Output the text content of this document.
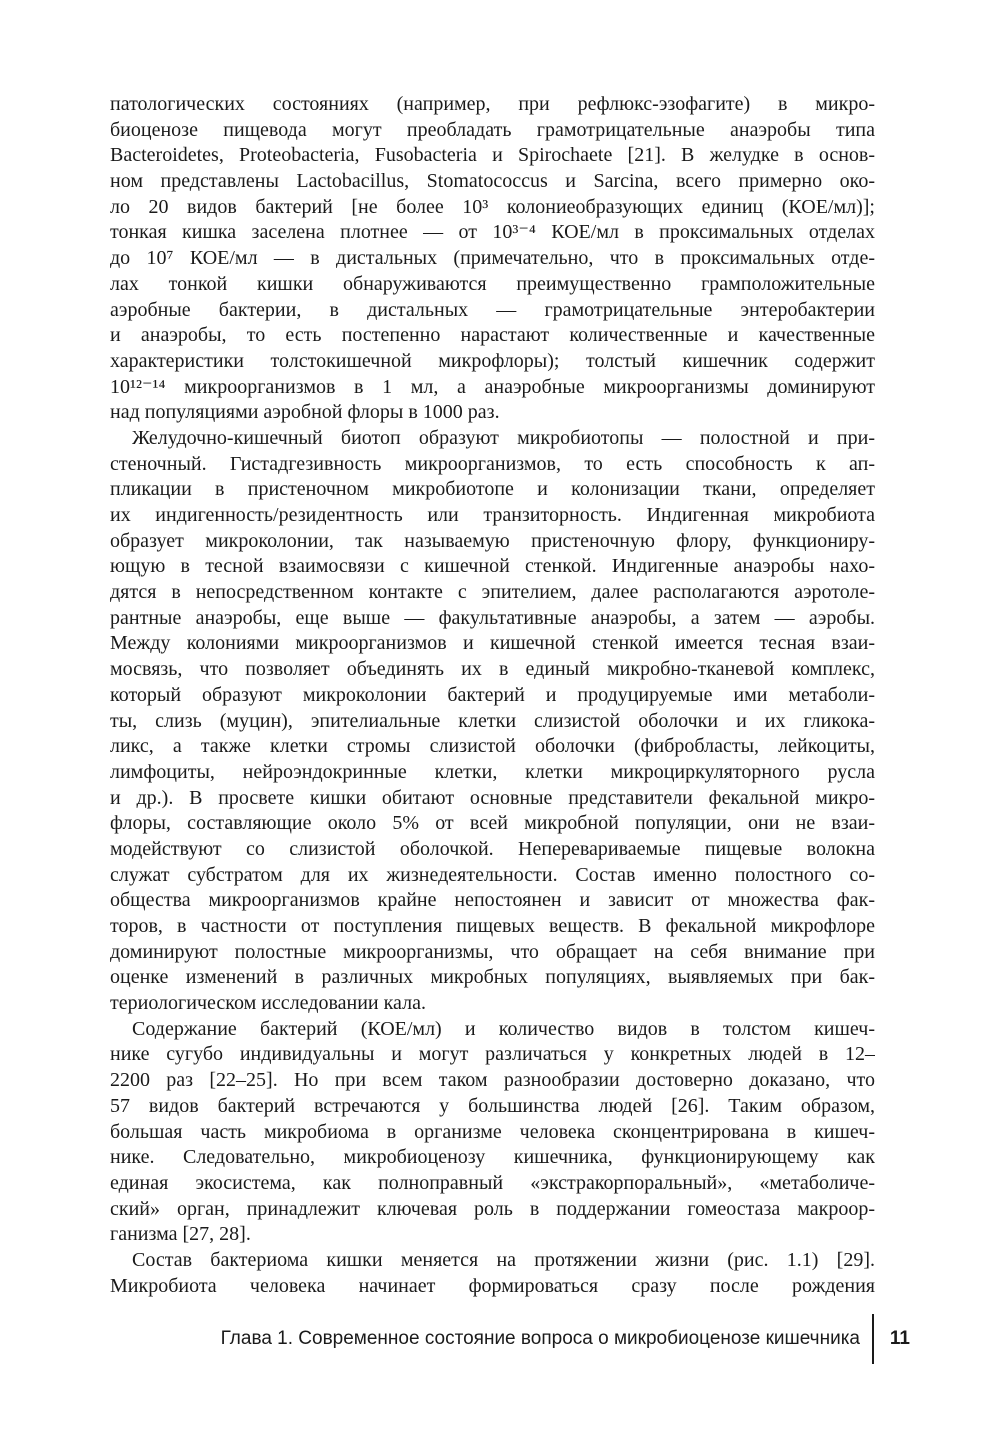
патологических состояниях (например, при рефлюкс-эзофагите) в микро-
биоценозе пищевода могут преобладать грамотрицательные анаэробы типа
Bacteroidetes, Proteobacteria, Fusobacteria и Spirochaete [21]. В желудке в основ-
ном представлены Lactobacillus, Stomatococcus и Sarcina, всего примерно око-
ло 20 видов бактерий [не более 10³ колониеобразующих единиц (КОЕ/мл)];
тонкая кишка заселена плотнее — от 10³⁻⁴ КОЕ/мл в проксимальных отделах
до 10⁷ КОЕ/мл — в дистальных (примечательно, что в проксимальных отде-
лах тонкой кишки обнаруживаются преимущественно грамположительные
аэробные бактерии, в дистальных — грамотрицательные энтеробактерии
и анаэробы, то есть постепенно нарастают количественные и качественные
характеристики толстокишечной микрофлоры); толстый кишечник содержит
10¹²⁻¹⁴ микроорганизмов в 1 мл, а анаэробные микроорганизмы доминируют
над популяциями аэробной флоры в 1000 раз.
Желудочно-кишечный биотоп образуют микробиотопы — полостной и при-
стеночный. Гистадгезивность микроорганизмов, то есть способность к ап-
пликации в пристеночном микробиотопе и колонизации ткани, определяет
их индигенность/резидентность или транзиторность. Индигенная микробиота
образует микроколонии, так называемую пристеночную флору, функциониру-
ющую в тесной взаимосвязи с кишечной стенкой. Индигенные анаэробы нахо-
дятся в непосредственном контакте с эпителием, далее располагаются аэротоле-
рантные анаэробы, еще выше — факультативные анаэробы, а затем — аэробы.
Между колониями микроорганизмов и кишечной стенкой имеется тесная взаи-
мосвязь, что позволяет объединять их в единый микробно-тканевой комплекс,
который образуют микроколонии бактерий и продуцируемые ими метаболи-
ты, слизь (муцин), эпителиальные клетки слизистой оболочки и их гликока-
ликс, а также клетки стромы слизистой оболочки (фибробласты, лейкоциты,
лимфоциты, нейроэндокринные клетки, клетки микроциркуляторного русла
и др.). В просвете кишки обитают основные представители фекальной микро-
флоры, составляющие около 5% от всей микробной популяции, они не взаи-
модействуют со слизистой оболочкой. Неперевариваемые пищевые волокна
служат субстратом для их жизнедеятельности. Состав именно полостного со-
общества микроорганизмов крайне непостоянен и зависит от множества фак-
торов, в частности от поступления пищевых веществ. В фекальной микрофлоре
доминируют полостные микроорганизмы, что обращает на себя внимание при
оценке изменений в различных микробных популяциях, выявляемых при бак-
териологическом исследовании кала.
Содержание бактерий (КОЕ/мл) и количество видов в толстом кишеч-
нике сугубо индивидуальны и могут различаться у конкретных людей в 12–
2200 раз [22–25]. Но при всем таком разнообразии достоверно доказано, что
57 видов бактерий встречаются у большинства людей [26]. Таким образом,
большая часть микробиома в организме человека сконцентрирована в кишеч-
нике. Следовательно, микробиоценозу кишечника, функционирующему как
единая экосистема, как полноправный «экстракорпоральный», «метаболиче-
ский» орган, принадлежит ключевая роль в поддержании гомеостаза макроор-
ганизма [27, 28].
Состав бактериома кишки меняется на протяжении жизни (рис. 1.1) [29].
Микробиота человека начинает формироваться сразу после рождения
Глава 1. Современное состояние вопроса о микробиоценозе кишечника 11
